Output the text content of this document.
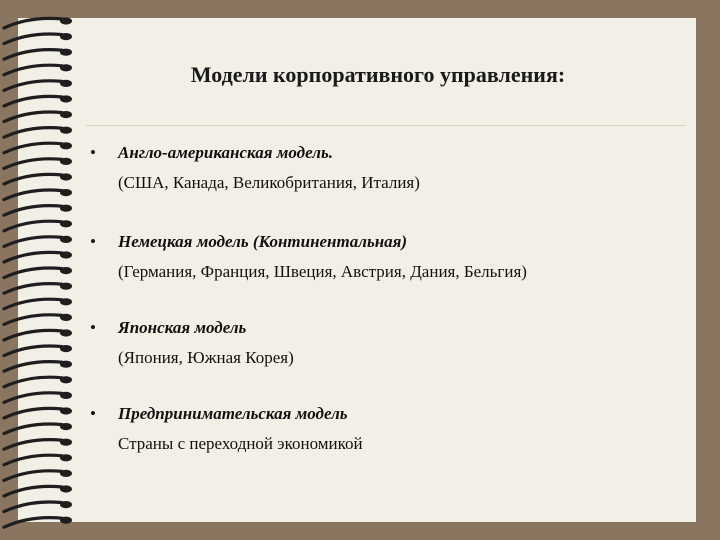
Модели корпоративного управления:
• Англо-американская модель.
(США, Канада, Великобритания, Италия)
• Немецкая модель (Континентальная)
(Германия, Франция, Швеция, Австрия, Дания, Бельгия)
• Японская модель
(Япония, Южная Корея)
• Предпринимательская модель
Страны с переходной экономикой
